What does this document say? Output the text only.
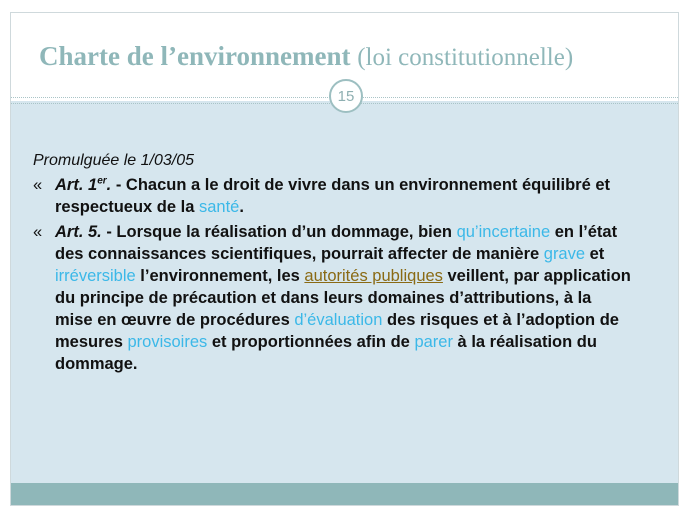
Charte de l’environnement (loi constitutionnelle)
15
Promulguée le 1/03/05
« Art. 1er. - Chacun a le droit de vivre dans un environnement équilibré et respectueux de la santé.
« Art. 5. - Lorsque la réalisation d’un dommage, bien qu’incertaine en l’état des connaissances scientifiques, pourrait affecter de manière grave et irréversible l’environnement, les autorités publiques veillent, par application du principe de précaution et dans leurs domaines d’attributions, à la mise en œuvre de procédures d’évaluation des risques et à l’adoption de mesures provisoires et proportionnées afin de parer à la réalisation du dommage.
